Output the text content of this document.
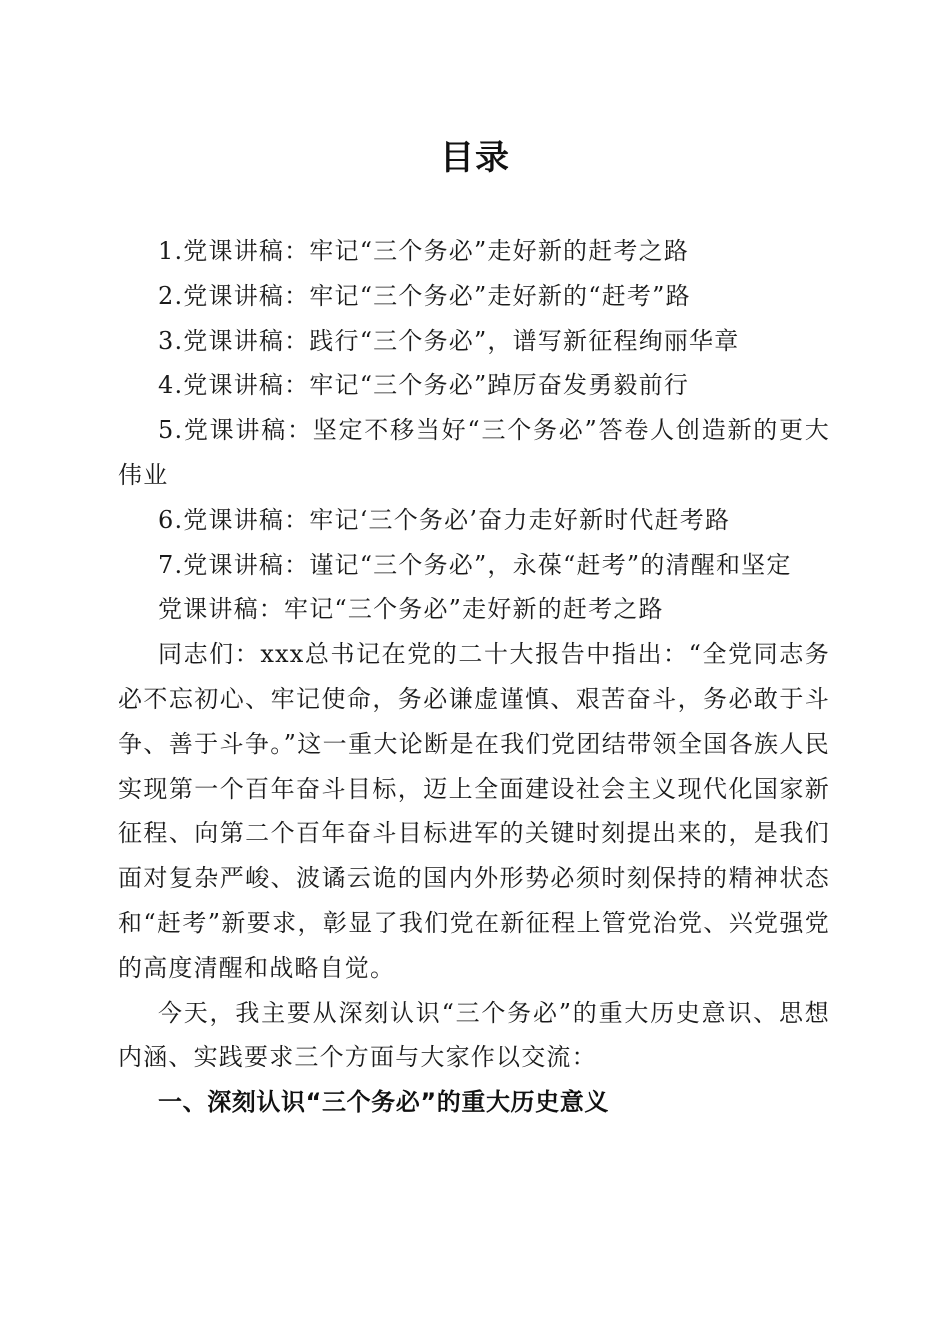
目录

1.党课讲稿：牢记“三个务必”走好新的赶考之路

2.党课讲稿：牢记“三个务必”走好新的“赶考”路

3.党课讲稿：践行“三个务必”，谱写新征程绚丽华章

4.党课讲稿：牢记“三个务必”踔厉奋发勇毅前行

5.党课讲稿：坚定不移当好“三个务必”答卷人创造新的更大伟业

6.党课讲稿：牢记‘三个务必’奋力走好新时代赶考路

7.党课讲稿：谨记“三个务必”，永葆“赶考”的清醒和坚定

党课讲稿：牢记“三个务必”走好新的赶考之路

同志们：xxx总书记在党的二十大报告中指出：“全党同志务必不忘初心、牢记使命，务必谦虚谨慎、艰苦奋斗，务必敢于斗争、善于斗争。”这一重大论断是在我们党团结带领全国各族人民实现第一个百年奋斗目标，迈上全面建设社会主义现代化国家新征程、向第二个百年奋斗目标进军的关键时刻提出来的，是我们面对复杂严峻、波谲云诡的国内外形势必须时刻保持的精神状态和“赶考”新要求，彰显了我们党在新征程上管党治党、兴党强党的高度清醒和战略自觉。

今天，我主要从深刻认识“三个务必”的重大历史意识、思想内涵、实践要求三个方面与大家作以交流：

一、深刻认识“三个务必”的重大历史意义
